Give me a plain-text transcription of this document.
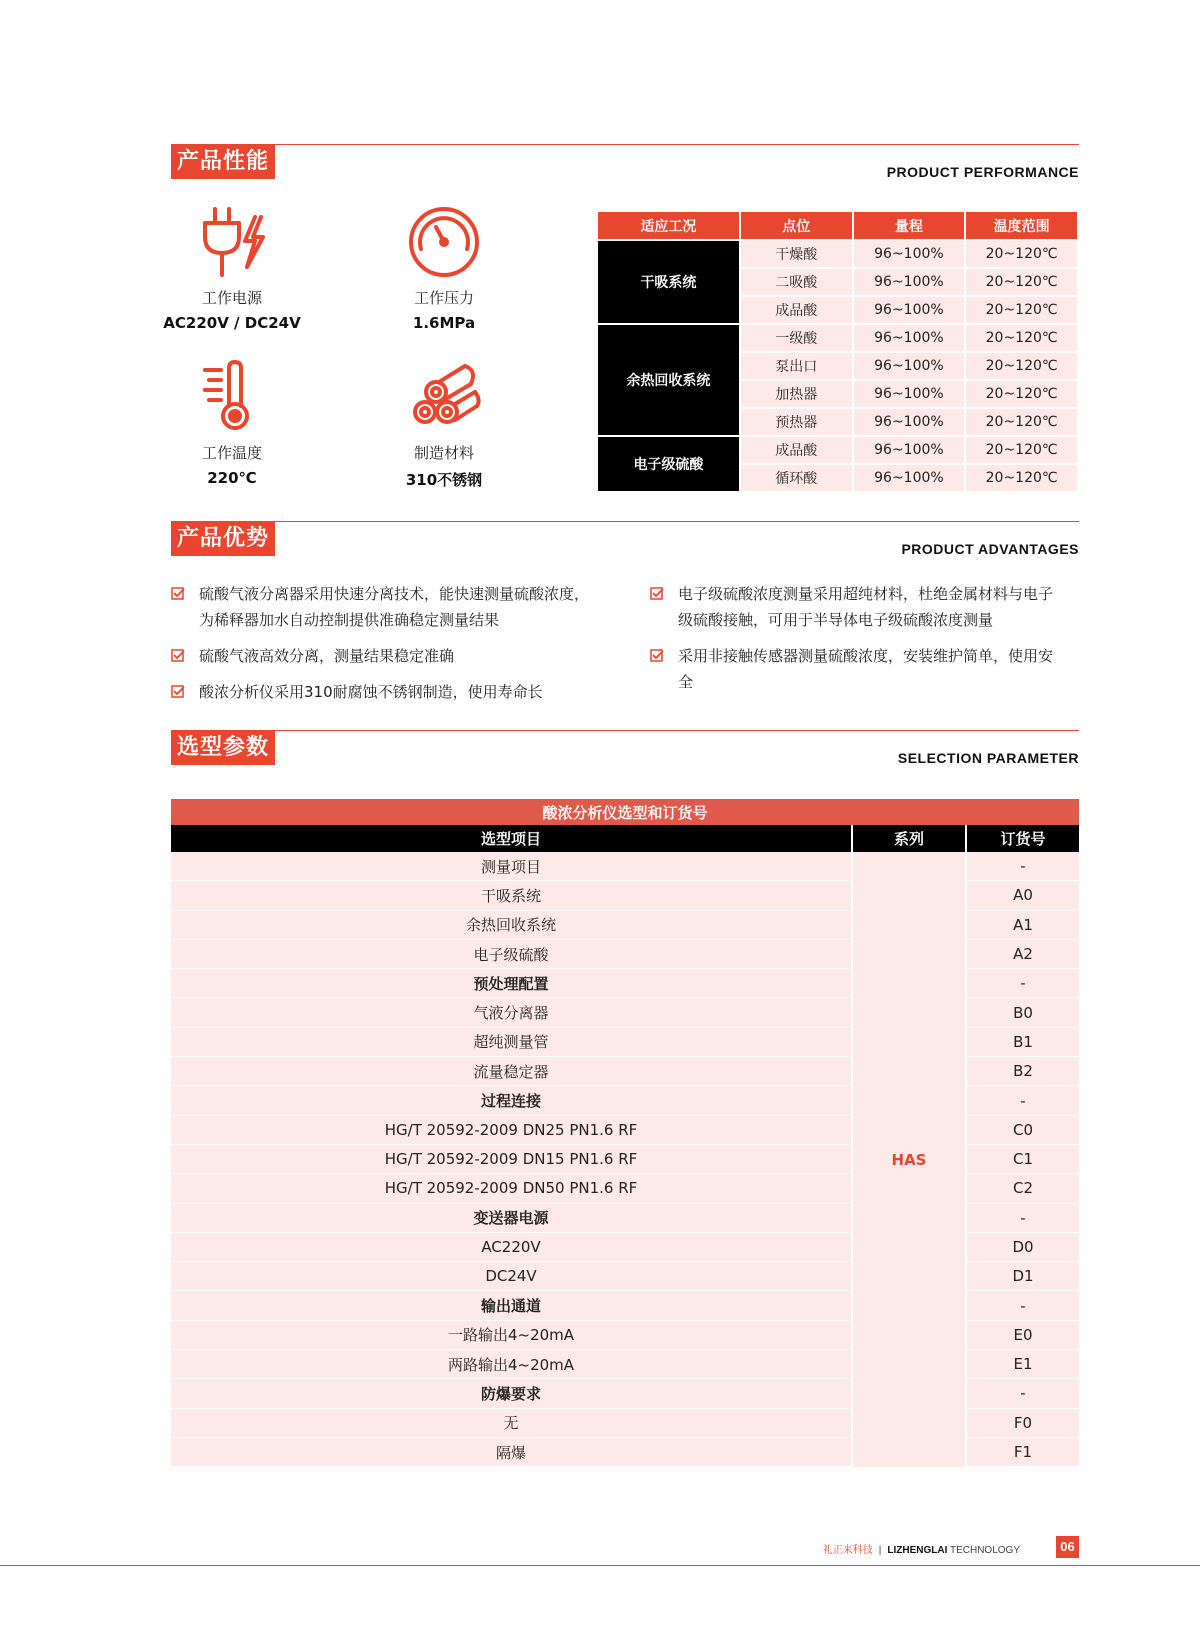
产品性能	PRODUCT PERFORMANCE
工作电源
AC220V / DC24V
工作压力
1.6MPa
工作温度
220℃
制造材料
310不锈钢
适应工况	点位	量程	温度范围
干吸系统	干燥酸	96~100%	20~120℃
	二吸酸	96~100%	20~120℃
	成品酸	96~100%	20~120℃
余热回收系统	一级酸	96~100%	20~120℃
	泵出口	96~100%	20~120℃
	加热器	96~100%	20~120℃
	预热器	96~100%	20~120℃
电子级硫酸	成品酸	96~100%	20~120℃
	循环酸	96~100%	20~120℃
产品优势	PRODUCT ADVANTAGES
硫酸气液分离器采用快速分离技术，能快速测量硫酸浓度，
为稀释器加水自动控制提供准确稳定测量结果
硫酸气液高效分离，测量结果稳定准确
酸浓分析仪采用310耐腐蚀不锈钢制造，使用寿命长
电子级硫酸浓度测量采用超纯材料，杜绝金属材料与电子
级硫酸接触，可用于半导体电子级硫酸浓度测量
采用非接触传感器测量硫酸浓度，安装维护简单，使用安
全
选型参数	SELECTION PARAMETER
酸浓分析仪选型和订货号		
选型项目	系列	订货号
测量项目	HAS	-
干吸系统		A0
余热回收系统		A1
电子级硫酸		A2
预处理配置		-
气液分离器		B0
超纯测量管		B1
流量稳定器		B2
过程连接		-
HG/T 20592-2009 DN25 PN1.6 RF		C0
HG/T 20592-2009 DN15 PN1.6 RF		C1
HG/T 20592-2009 DN50 PN1.6 RF		C2
变送器电源		-
AC220V		D0
DC24V		D1
输出通道		-
一路输出4~20mA		E0
两路输出4~20mA		E1
防爆要求		-
无		F0
隔爆		F1
礼正来科技 | LIZHENGLAI TECHNOLOGY	06
